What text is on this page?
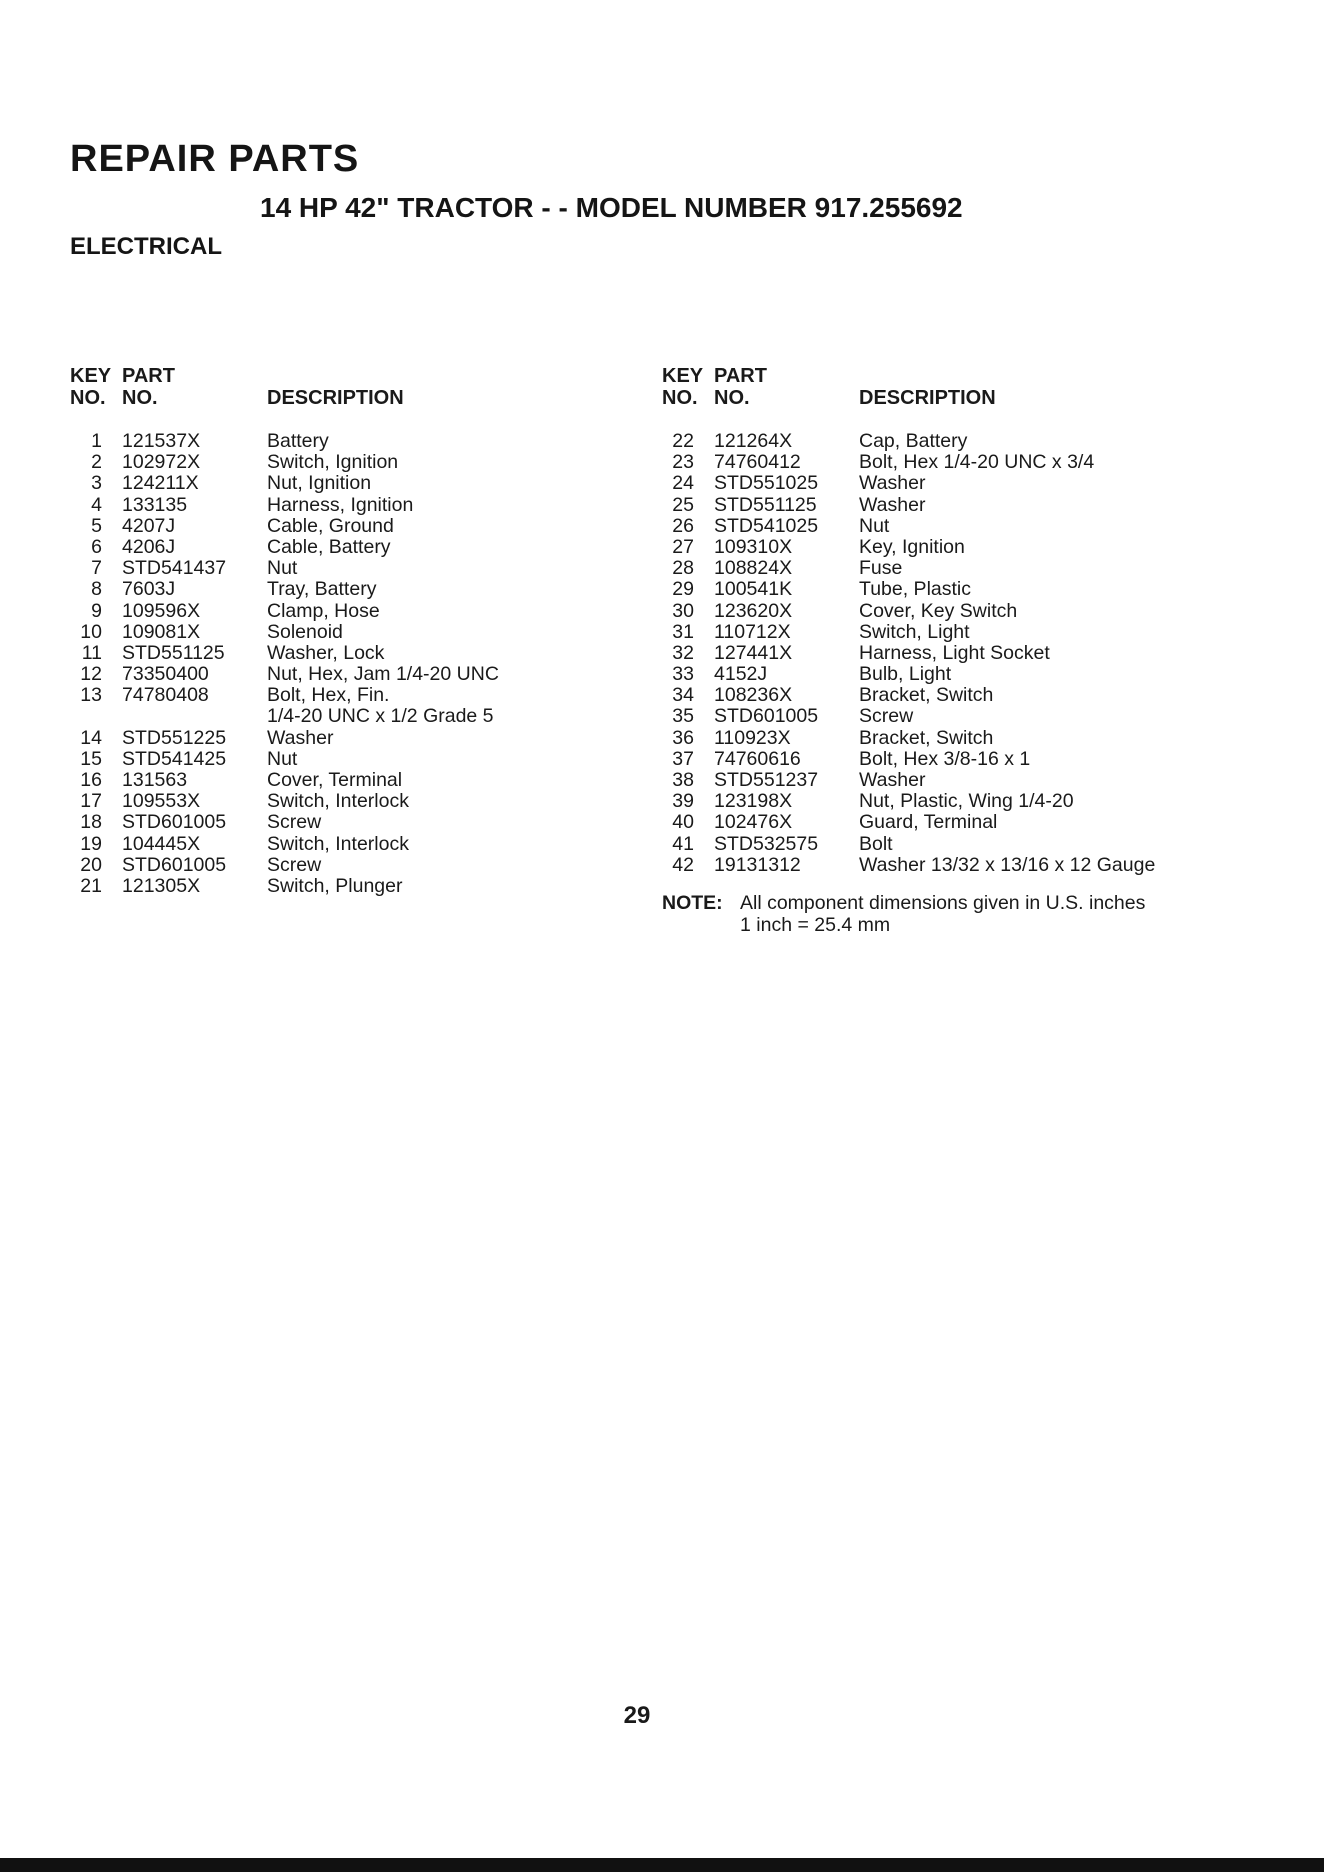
REPAIR PARTS
14 HP 42" TRACTOR - - MODEL NUMBER 917.255692
ELECTRICAL
KEY PART
NO. NO.	DESCRIPTION
1 121537X	Battery
2 102972X	Switch, Ignition
3 124211X	Nut, Ignition
4 133135	Harness, Ignition
5 4207J	Cable, Ground
6 4206J	Cable, Battery
7 STD541437	Nut
8 7603J	Tray, Battery
9 109596X	Clamp, Hose
10 109081X	Solenoid
11 STD551125	Washer, Lock
12 73350400	Nut, Hex, Jam 1/4-20 UNC
13 74780408	Bolt, Hex, Fin.
1/4-20 UNC x 1/2 Grade 5
14 STD551225	Washer
15 STD541425	Nut
16 131563	Cover, Terminal
17 109553X	Switch, Interlock
18 STD601005	Screw
19 104445X	Switch, Interlock
20 STD601005	Screw
21 121305X	Switch, Plunger
KEY PART
NO. NO.	DESCRIPTION
22 121264X	Cap, Battery
23 74760412	Bolt, Hex 1/4-20 UNC x 3/4
24 STD551025	Washer
25 STD551125	Washer
26 STD541025	Nut
27 109310X	Key, Ignition
28 108824X	Fuse
29 100541K	Tube, Plastic
30 123620X	Cover, Key Switch
31 110712X	Switch, Light
32 127441X	Harness, Light Socket
33 4152J	Bulb, Light
34 108236X	Bracket, Switch
35 STD601005	Screw
36 110923X	Bracket, Switch
37 74760616	Bolt, Hex 3/8-16 x 1
38 STD551237	Washer
39 123198X	Nut, Plastic, Wing 1/4-20
40 102476X	Guard, Terminal
41 STD532575	Bolt
42 19131312	Washer 13/32 x 13/16 x 12 Gauge
NOTE: All component dimensions given in U.S. inches
1 inch = 25.4 mm
29
